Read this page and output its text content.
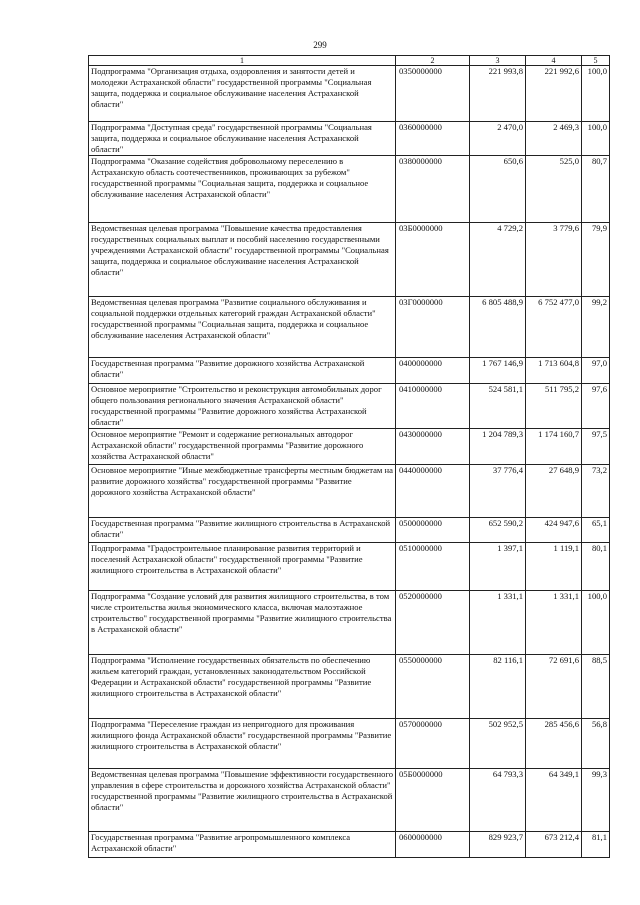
299
1	2	3	4	5
Подпрограмма "Организация отдыха, оздоровления и занятости детей и молодежи Астраханской области" государственной программы "Социальная защита, поддержка и социальное обслуживание населения Астраханской области"	0350000000	221 993,8	221 992,6	100,0
Подпрограмма "Доступная среда" государственной программы "Социальная защита, поддержка и социальное обслуживание населения Астраханской области"	0360000000	2 470,0	2 469,3	100,0
Подпрограмма "Оказание содействия добровольному переселению в Астраханскую область соотечественников, проживающих за рубежом" государственной программы "Социальная защита, поддержка и социальное обслуживание населения Астраханской области"	0380000000	650,6	525,0	80,7
Ведомственная целевая программа "Повышение качества предоставления государственных социальных выплат и пособий населению государственными учреждениями Астраханской области" государственной программы "Социальная защита, поддержка и социальное обслуживание населения Астраханской области"	03Б0000000	4 729,2	3 779,6	79,9
Ведомственная целевая программа "Развитие социального обслуживания и социальной поддержки отдельных категорий граждан Астраханской области" государственной программы "Социальная защита, поддержка и социальное обслуживание населения Астраханской области"	03Г0000000	6 805 488,9	6 752 477,0	99,2
Государственная программа "Развитие дорожного хозяйства Астраханской области"	0400000000	1 767 146,9	1 713 604,8	97,0
Основное мероприятие "Строительство и реконструкция автомобильных дорог общего пользования регионального значения Астраханской области" государственной программы "Развитие дорожного хозяйства Астраханской области"	0410000000	524 581,1	511 795,2	97,6
Основное мероприятие "Ремонт и содержание региональных автодорог Астраханской области" государственной программы "Развитие дорожного хозяйства Астраханской области"	0430000000	1 204 789,3	1 174 160,7	97,5
Основное мероприятие "Иные межбюджетные трансферты местным бюджетам на развитие дорожного хозяйства" государственной программы "Развитие дорожного хозяйства Астраханской области"	0440000000	37 776,4	27 648,9	73,2
Государственная программа "Развитие жилищного строительства в Астраханской области"	0500000000	652 590,2	424 947,6	65,1
Подпрограмма "Градостроительное планирование развития территорий и поселений Астраханской области" государственной программы "Развитие жилищного строительства в Астраханской области"	0510000000	1 397,1	1 119,1	80,1
Подпрограмма "Создание условий для развития жилищного строительства, в том числе строительства жилья экономического класса, включая малоэтажное строительство" государственной программы "Развитие жилищного строительства в Астраханской области"	0520000000	1 331,1	1 331,1	100,0
Подпрограмма "Исполнение государственных обязательств по обеспечению жильем категорий граждан, установленных законодательством Российской Федерации и Астраханской области" государственной программы "Развитие жилищного строительства в Астраханской области"	0550000000	82 116,1	72 691,6	88,5
Подпрограмма "Переселение граждан из непригодного для проживания жилищного фонда Астраханской области" государственной программы "Развитие жилищного строительства в Астраханской области"	0570000000	502 952,5	285 456,6	56,8
Ведомственная целевая программа "Повышение эффективности государственного управления в сфере строительства и дорожного хозяйства Астраханской области" государственной программы "Развитие жилищного строительства в Астраханской области"	05Б0000000	64 793,3	64 349,1	99,3
Государственная программа "Развитие агропромышленного комплекса Астраханской области"	0600000000	829 923,7	673 212,4	81,1
